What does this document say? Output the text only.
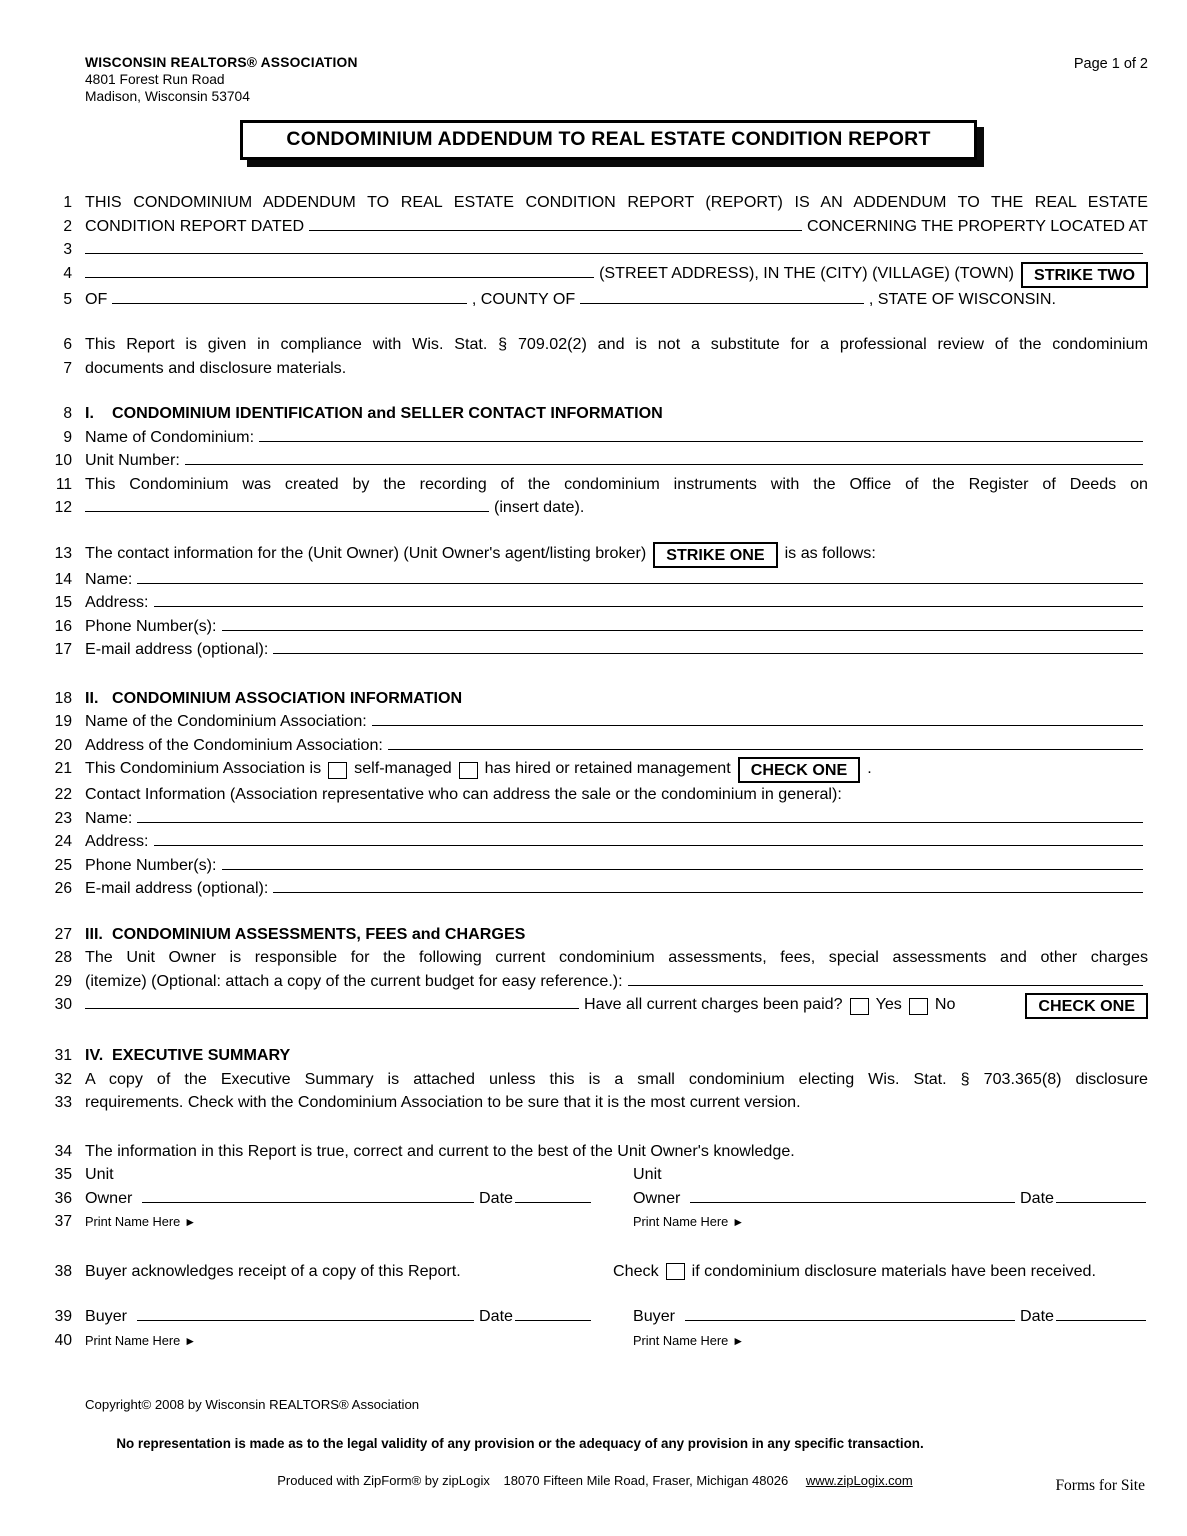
WISCONSIN REALTORS® ASSOCIATION
4801 Forest Run Road
Madison, Wisconsin 53704
Page 1 of 2
CONDOMINIUM ADDENDUM TO REAL ESTATE CONDITION REPORT
1 THIS CONDOMINIUM ADDENDUM TO REAL ESTATE CONDITION REPORT (REPORT) IS AN ADDENDUM TO THE REAL ESTATE
2 CONDITION REPORT DATED	CONCERNING THE PROPERTY LOCATED AT
3
4	(STREET ADDRESS), IN THE (CITY) (VILLAGE) (TOWN)	STRIKE TWO
5 OF	, COUNTY OF	, STATE OF WISCONSIN.
6 This Report is given in compliance with Wis. Stat. § 709.02(2) and is not a substitute for a professional review of the condominium
7 documents and disclosure materials.
8 I.	CONDOMINIUM IDENTIFICATION and SELLER CONTACT INFORMATION
9 Name of Condominium:
10 Unit Number:
11 This Condominium was created by the recording of the condominium instruments with the Office of the Register of Deeds on
12	(insert date).
13 The contact information for the (Unit Owner) (Unit Owner's agent/listing broker)	STRIKE ONE	is as follows:
14 Name:
15 Address:
16 Phone Number(s):
17 E-mail address (optional):
18 II. CONDOMINIUM ASSOCIATION INFORMATION
19 Name of the Condominium Association:
20 Address of the Condominium Association:
21 This Condominium Association is self-managed has hired or retained management	CHECK ONE	.
22 Contact Information (Association representative who can address the sale or the condominium in general):
23 Name:
24 Address:
25 Phone Number(s):
26 E-mail address (optional):
27 III. CONDOMINIUM ASSESSMENTS, FEES and CHARGES
28 The Unit Owner is responsible for the following current condominium assessments, fees, special assessments and other charges
29 (itemize) (Optional: attach a copy of the current budget for easy reference.):
30	Have all current charges been paid? Yes No	CHECK ONE
31 IV. EXECUTIVE SUMMARY
32 A copy of the Executive Summary is attached unless this is a small condominium electing Wis. Stat. § 703.365(8) disclosure
33 requirements. Check with the Condominium Association to be sure that it is the most current version.
34 The information in this Report is true, correct and current to the best of the Unit Owner's knowledge.
35 Unit	Unit
36 Owner	Date	Owner	Date
37 Print Name Here ►	Print Name Here ►
38 Buyer acknowledges receipt of a copy of this Report.	Check if condominium disclosure materials have been received.
39 Buyer	Date	Buyer	Date
40 Print Name Here ►	Print Name Here ►
Copyright© 2008 by Wisconsin REALTORS® Association
No representation is made as to the legal validity of any provision or the adequacy of any provision in any specific transaction.
Forms for Site
Produced with ZipForm® by zipLogix 18070 Fifteen Mile Road, Fraser, Michigan 48026 www.zipLogix.com
